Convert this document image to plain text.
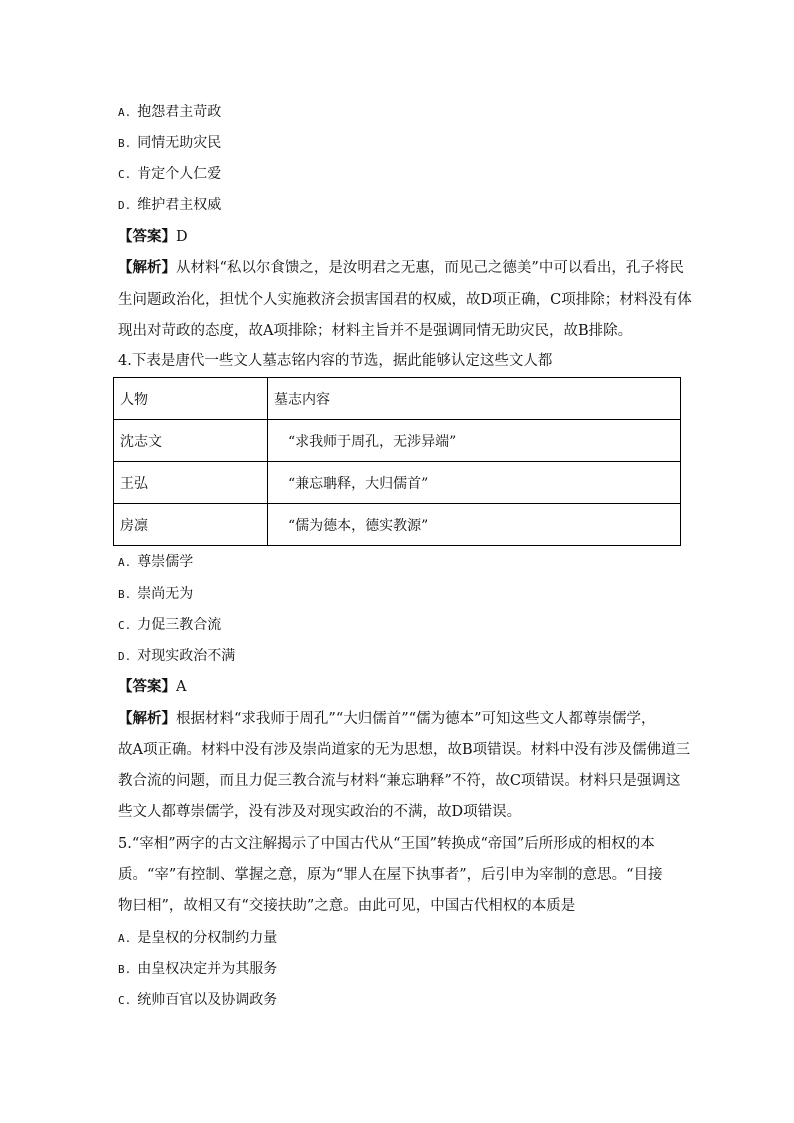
A. 抱怨君主苛政
B. 同情无助灾民
C. 肯定个人仁爱
D. 维护君主权威
【答案】D
【解析】从材料“私以尔食馈之，是汝明君之无惠，而见己之德美”中可以看出，孔子将民
生问题政治化，担忧个人实施救济会损害国君的权威，故D项正确，C项排除；材料没有体
现出对苛政的态度，故A项排除；材料主旨并不是强调同情无助灾民，故B排除。
4.下表是唐代一些文人墓志铭内容的节选，据此能够认定这些文人都
人物	墓志内容
沈志文	“求我师于周孔，无涉异端”
王弘	“兼忘聃释，大归儒首”
房凛	“儒为德本，德实教源”
A. 尊崇儒学
B. 崇尚无为
C. 力促三教合流
D. 对现实政治不满
【答案】A
【解析】根据材料“求我师于周孔”“大归儒首”“儒为德本”可知这些文人都尊崇儒学，
故A项正确。材料中没有涉及崇尚道家的无为思想，故B项错误。材料中没有涉及儒佛道三
教合流的问题，而且力促三教合流与材料“兼忘聃释”不符，故C项错误。材料只是强调这
些文人都尊崇儒学，没有涉及对现实政治的不满，故D项错误。
5.“宰相”两字的古文注解揭示了中国古代从“王国”转换成“帝国”后所形成的相权的本
质。“宰”有控制、掌握之意，原为“罪人在屋下执事者”，后引申为宰制的意思。“目接
物曰相”，故相又有“交接扶助”之意。由此可见，中国古代相权的本质是
A. 是皇权的分权制约力量
B. 由皇权决定并为其服务
C. 统帅百官以及协调政务
